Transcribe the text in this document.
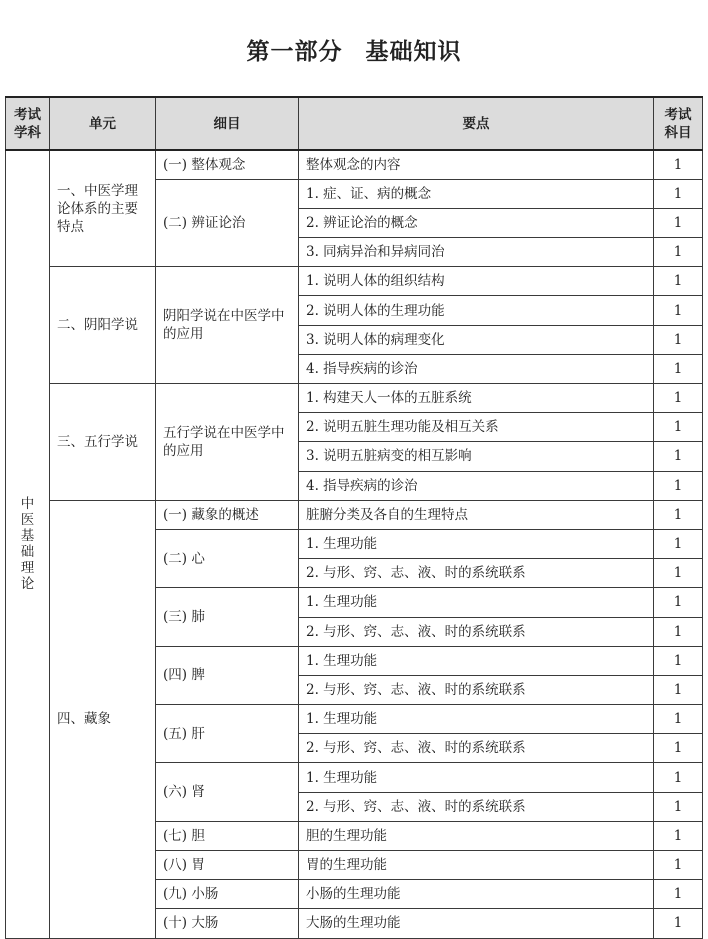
第一部分 基础知识
考试学科	单元	细目	要点	考试科目

中医基础理论	一、中医学理论体系的主要特点	(一) 整体观念	整体观念的内容	1
		(二) 辨证论治	1. 症、证、病的概念	1
			2. 辨证论治的概念	1
			3. 同病异治和异病同治	1
	二、阴阳学说	阴阳学说在中医学中的应用	1. 说明人体的组织结构	1
			2. 说明人体的生理功能	1
			3. 说明人体的病理变化	1
			4. 指导疾病的诊治	1
	三、五行学说	五行学说在中医学中的应用	1. 构建天人一体的五脏系统	1
			2. 说明五脏生理功能及相互关系	1
			3. 说明五脏病变的相互影响	1
			4. 指导疾病的诊治	1
	四、藏象	(一) 藏象的概述	脏腑分类及各自的生理特点	1
		(二) 心	1. 生理功能	1
			2. 与形、窍、志、液、时的系统联系	1
		(三) 肺	1. 生理功能	1
			2. 与形、窍、志、液、时的系统联系	1
		(四) 脾	1. 生理功能	1
			2. 与形、窍、志、液、时的系统联系	1
		(五) 肝	1. 生理功能	1
			2. 与形、窍、志、液、时的系统联系	1
		(六) 肾	1. 生理功能	1
			2. 与形、窍、志、液、时的系统联系	1
		(七) 胆	胆的生理功能	1
		(八) 胃	胃的生理功能	1
		(九) 小肠	小肠的生理功能	1
		(十) 大肠	大肠的生理功能	1
